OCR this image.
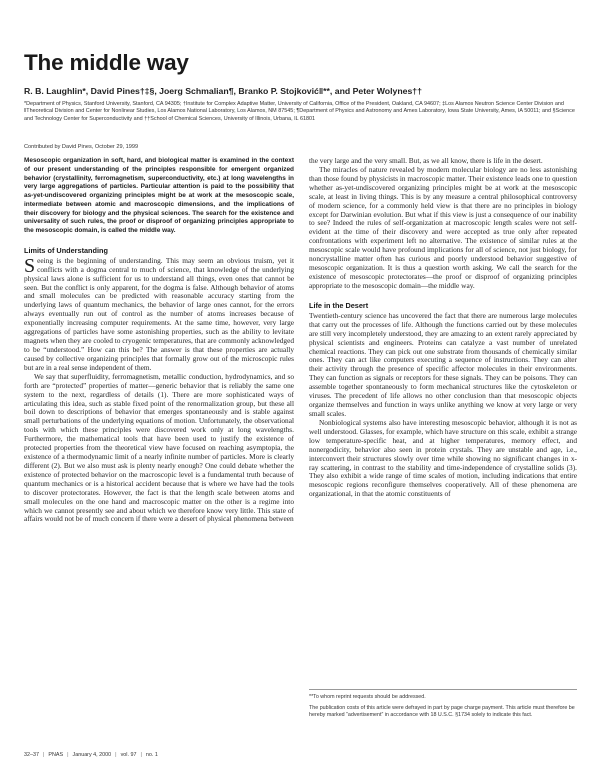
The middle way
R. B. Laughlin*, David Pines†‡§, Joerg Schmalian¶, Branko P. Stojković‖**, and Peter Wolynes††
*Department of Physics, Stanford University, Stanford, CA 94305; †Institute for Complex Adaptive Matter, University of California, Office of the President, Oakland, CA 94607; ‡Los Alamos Neutron Science Center Division and ‖Theoretical Division and Center for Nonlinear Studies, Los Alamos National Laboratory, Los Alamos, NM 87545; ¶Department of Physics and Astronomy and Ames Laboratory, Iowa State University, Ames, IA 50011; and §Science and Technology Center for Superconductivity and ††School of Chemical Sciences, University of Illinois, Urbana, IL 61801
Contributed by David Pines, October 29, 1999
Mesoscopic organization in soft, hard, and biological matter is examined in the context of our present understanding of the principles responsible for emergent organized behavior (crystallinity, ferromagnetism, superconductivity, etc.) at long wavelengths in very large aggregations of particles. Particular attention is paid to the possibility that as-yet-undiscovered organizing principles might be at work at the mesoscopic scale, intermediate between atomic and macroscopic dimensions, and the implications of their discovery for biology and the physical sciences. The search for the existence and universality of such rules, the proof or disproof of organizing principles appropriate to the mesoscopic domain, is called the middle way.
Limits of Understanding

Seeing is the beginning of understanding. This may seem an obvious truism, yet it conflicts with a dogma central to much of science, that knowledge of the underlying physical laws alone is sufficient for us to understand all things, even ones that cannot be seen. But the conflict is only apparent, for the dogma is false. Although behavior of atoms and small molecules can be predicted with reasonable accuracy starting from the underlying laws of quantum mechanics, the behavior of large ones cannot, for the errors always eventually run out of control as the number of atoms increases because of exponentially increasing computer requirements. At the same time, however, very large aggregations of particles have some astonishing properties, such as the ability to levitate magnets when they are cooled to cryogenic temperatures, that are commonly acknowledged to be “understood.” How can this be? The answer is that these properties are actually caused by collective organizing principles that formally grow out of the microscopic rules but are in a real sense independent of them.

We say that superfluidity, ferromagnetism, metallic conduction, hydrodynamics, and so forth are “protected” properties of matter—generic behavior that is reliably the same one system to the next, regardless of details (1). There are more sophisticated ways of articulating this idea, such as stable fixed point of the renormalization group, but these all boil down to descriptions of behavior that emerges spontaneously and is stable against small perturbations of the underlying equations of motion. Unfortunately, the observational tools with which these principles were discovered work only at long wavelengths. Furthermore, the mathematical tools that have been used to justify the existence of protected properties from the theoretical view have focused on reaching asymptopia, the existence of a thermodynamic limit of a nearly infinite number of particles. More is clearly different (2). But we also must ask is plenty nearly enough? One could debate whether the existence of protected behavior on the macroscopic level is a fundamental truth because of quantum mechanics or is a historical accident because that is where we have had the tools to discover protectorates. However, the fact is that the length scale between atoms and small molecules on the one hand and macroscopic matter on the other is a regime into which we cannot presently see and about which we therefore know very little. This state of affairs would not be of much concern if there were a desert of physical phenomena between

the very large and the very small. But, as we all know, there is life in the desert.

The miracles of nature revealed by modern molecular biology are no less astonishing than those found by physicists in macroscopic matter. Their existence leads one to question whether as-yet-undiscovered organizing principles might be at work at the mesoscopic scale, at least in living things. This is by any measure a central philosophical controversy of modern science, for a commonly held view is that there are no principles in biology except for Darwinian evolution. But what if this view is just a consequence of our inability to see? Indeed the rules of self-organization at macroscopic length scales were not self-evident at the time of their discovery and were accepted as true only after repeated confrontations with experiment left no alternative. The existence of similar rules at the mesoscopic scale would have profound implications for all of science, not just biology, for noncrystalline matter often has curious and poorly understood behavior suggestive of mesoscopic organization. It is thus a question worth asking. We call the search for the existence of mesoscopic protectorates—the proof or disproof of organizing principles appropriate to the mesoscopic domain—the middle way.

Life in the Desert

Twentieth-century science has uncovered the fact that there are numerous large molecules that carry out the processes of life. Although the functions carried out by these molecules are still very incompletely understood, they are amazing to an extent rarely appreciated by physical scientists and engineers. Proteins can catalyze a vast number of unrelated chemical reactions. They can pick out one substrate from thousands of chemically similar ones. They can act like computers executing a sequence of instructions. They can alter their activity through the presence of specific affector molecules in their environments. They can function as signals or receptors for these signals. They can be poisons. They can assemble together spontaneously to form mechanical structures like the cytoskeleton or viruses. The precedent of life allows no other conclusion than that mesoscopic objects organize themselves and function in ways unlike anything we know at very large or very small scales.

Nonbiological systems also have interesting mesoscopic behavior, although it is not as well understood. Glasses, for example, which have structure on this scale, exhibit a strange low temperature-specific heat, and at higher temperatures, memory effect, and nonergodicity, behavior also seen in protein crystals. They are unstable and age, i.e., interconvert their structures slowly over time while showing no significant changes in x-ray scattering, in contrast to the stability and time-independence of crystalline solids (3). They also exhibit a wide range of time scales of motion, including indications that entire mesoscopic regions reconfigure themselves cooperatively. All of these phenomena are organizational, in that the atomic constituents of

**To whom reprint requests should be addressed.
The publication costs of this article were defrayed in part by page charge payment. This article must therefore be hereby marked “advertisement” in accordance with 18 U.S.C. §1734 solely to indicate this fact.
32–37 | PNAS | January 4, 2000 | vol. 97 | no. 1
